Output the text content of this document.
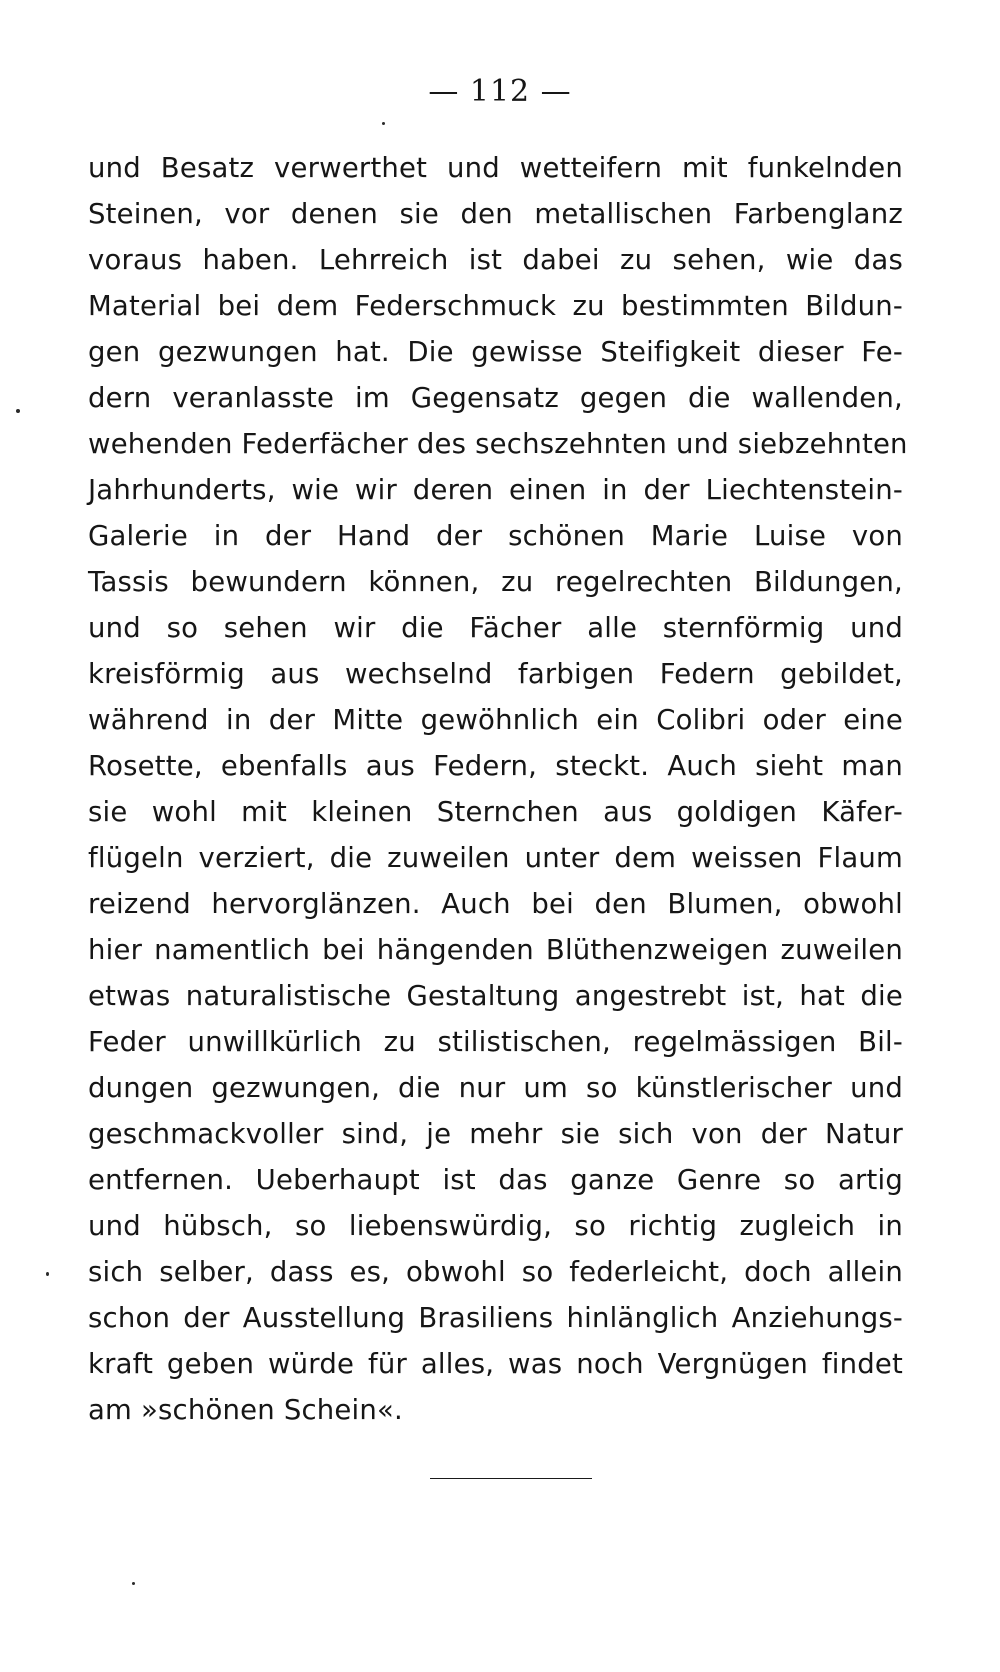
— 112 —
und Besatz verwerthet und wetteifern mit funkelnden
Steinen, vor denen sie den metallischen Farbenglanz
voraus haben. Lehrreich ist dabei zu sehen, wie das
Material bei dem Federschmuck zu bestimmten Bildun-
gen gezwungen hat. Die gewisse Steifigkeit dieser Fe-
dern veranlasste im Gegensatz gegen die wallenden,
wehenden Federfächer des sechszehnten und siebzehnten
Jahrhunderts, wie wir deren einen in der Liechtenstein-
Galerie in der Hand der schönen Marie Luise von
Tassis bewundern können, zu regelrechten Bildungen,
und so sehen wir die Fächer alle sternförmig und
kreisförmig aus wechselnd farbigen Federn gebildet,
während in der Mitte gewöhnlich ein Colibri oder eine
Rosette, ebenfalls aus Federn, steckt. Auch sieht man
sie wohl mit kleinen Sternchen aus goldigen Käfer-
flügeln verziert, die zuweilen unter dem weissen Flaum
reizend hervorglänzen. Auch bei den Blumen, obwohl
hier namentlich bei hängenden Blüthenzweigen zuweilen
etwas naturalistische Gestaltung angestrebt ist, hat die
Feder unwillkürlich zu stilistischen, regelmässigen Bil-
dungen gezwungen, die nur um so künstlerischer und
geschmackvoller sind, je mehr sie sich von der Natur
entfernen. Ueberhaupt ist das ganze Genre so artig
und hübsch, so liebenswürdig, so richtig zugleich in
sich selber, dass es, obwohl so federleicht, doch allein
schon der Ausstellung Brasiliens hinlänglich Anziehungs-
kraft geben würde für alles, was noch Vergnügen findet
am »schönen Schein«.
